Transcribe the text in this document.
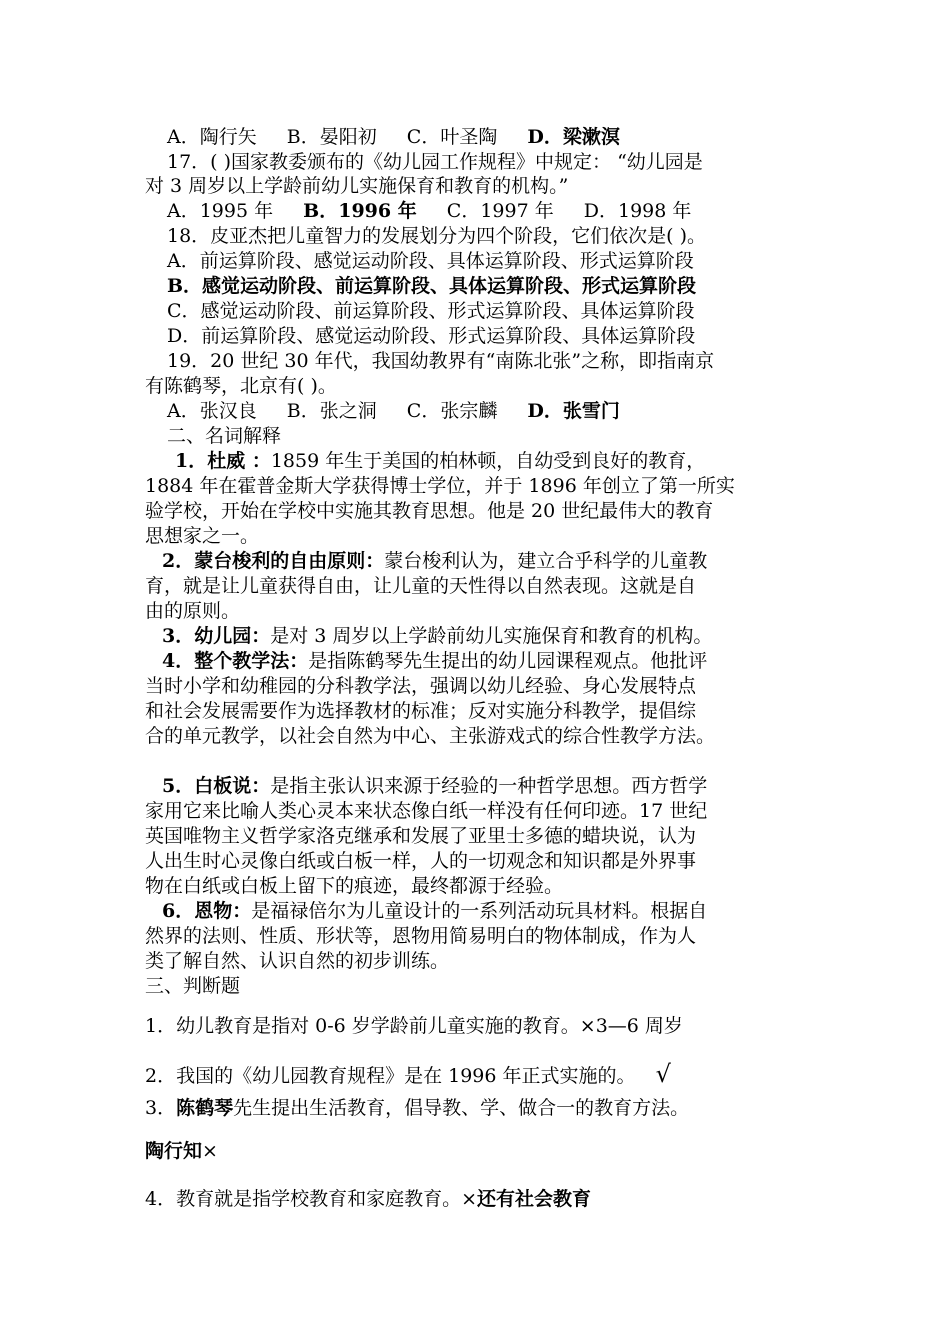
A．陶行矢 B．晏阳初 C．叶圣陶 D．梁漱溟
17．( )国家教委颁布的《幼儿园工作规程》中规定： “幼儿园是
对 3 周岁以上学龄前幼儿实施保育和教育的机构。”
A．1995 年 B．1996 年 C．1997 年 D．1998 年
18．皮亚杰把儿童智力的发展划分为四个阶段，它们依次是( )。
A．前运算阶段、感觉运动阶段、具体运算阶段、形式运算阶段
B．感觉运动阶段、前运算阶段、具体运算阶段、形式运算阶段
C．感觉运动阶段、前运算阶段、形式运算阶段、具体运算阶段
D．前运算阶段、感觉运动阶段、形式运算阶段、具体运算阶段
19．20 世纪 30 年代，我国幼教界有“南陈北张”之称，即指南京
有陈鹤琴，北京有( )。
A．张汉良 B．张之洞 C．张宗麟 D．张雪门
二、名词解释
1．杜威 ：1859 年生于美国的柏林顿，自幼受到良好的教育，
1884 年在霍普金斯大学获得博士学位，并于 1896 年创立了第一所实
验学校，开始在学校中实施其教育思想。他是 20 世纪最伟大的教育
思想家之一。
2．蒙台梭利的自由原则：蒙台梭利认为，建立合乎科学的儿童教
育，就是让儿童获得自由，让儿童的天性得以自然表现。这就是自
由的原则。
3．幼儿园：是对 3 周岁以上学龄前幼儿实施保育和教育的机构。
4．整个教学法：是指陈鹤琴先生提出的幼儿园课程观点。他批评
当时小学和幼稚园的分科教学法，强调以幼儿经验、身心发展特点
和社会发展需要作为选择教材的标准；反对实施分科教学，提倡综
合的单元教学，以社会自然为中心、主张游戏式的综合性教学方法。
5．白板说：是指主张认识来源于经验的一种哲学思想。西方哲学
家用它来比喻人类心灵本来状态像白纸一样没有任何印迹。17 世纪
英国唯物主义哲学家洛克继承和发展了亚里士多德的蜡块说，认为
人出生时心灵像白纸或白板一样，人的一切观念和知识都是外界事
物在白纸或白板上留下的痕迹，最终都源于经验。
6．恩物：是福禄倍尔为儿童设计的一系列活动玩具材料。根据自
然界的法则、性质、形状等，恩物用简易明白的物体制成，作为人
类了解自然、认识自然的初步训练。
三、判断题
1．幼儿教育是指对 0-6 岁学龄前儿童实施的教育。×3—6 周岁
2．我国的《幼儿园教育规程》是在 1996 年正式实施的。 √
3．陈鹤琴先生提出生活教育，倡导教、学、做合一的教育方法。
陶行知×
4．教育就是指学校教育和家庭教育。×还有社会教育
